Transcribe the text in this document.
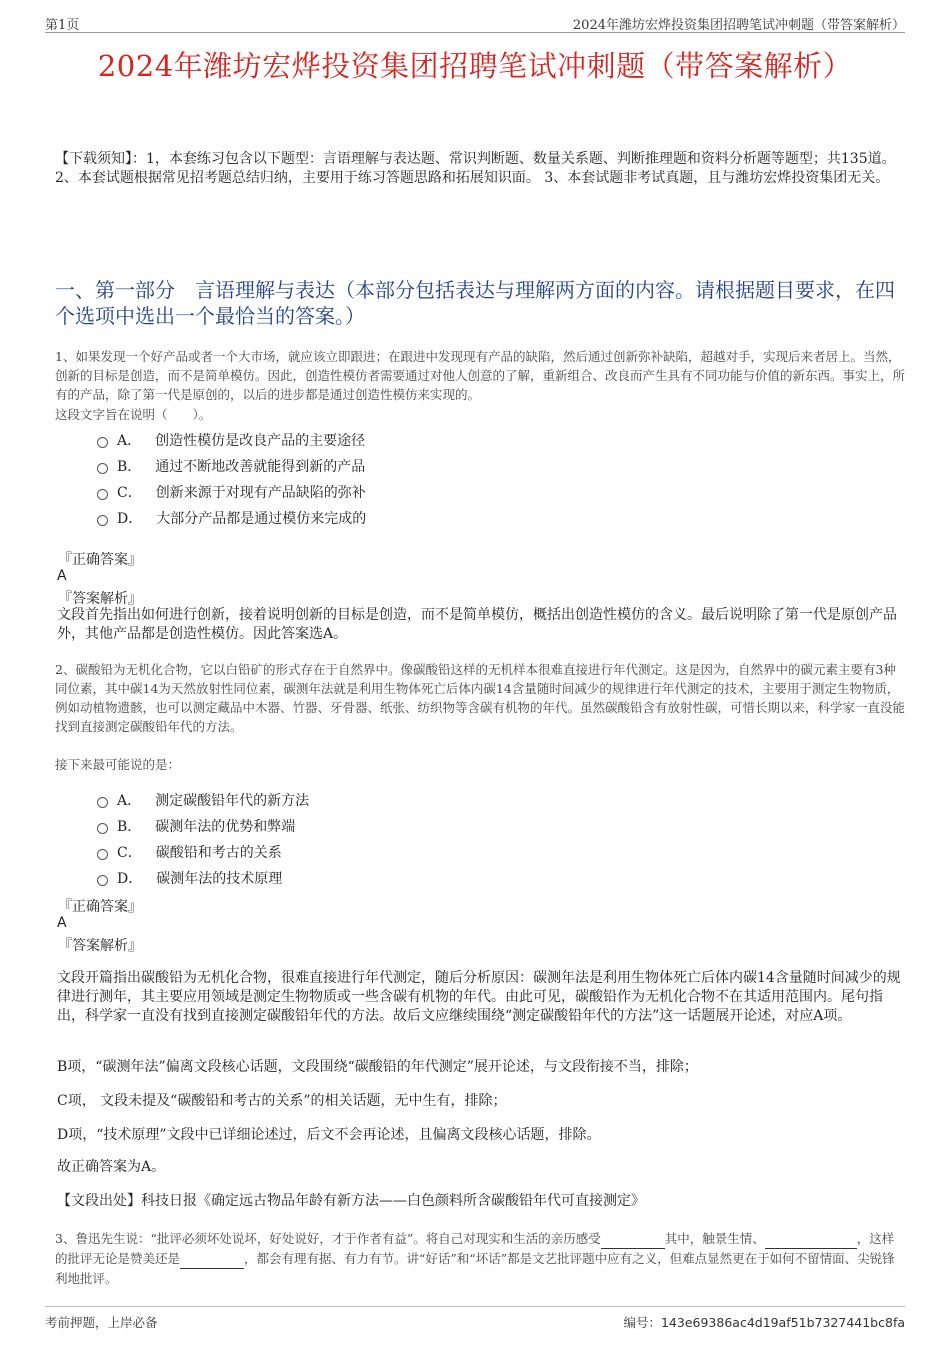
第1页	2024年潍坊宏烨投资集团招聘笔试冲刺题（带答案解析）
2024年潍坊宏烨投资集团招聘笔试冲刺题（带答案解析）
【下载须知】：1，本套练习包含以下题型：言语理解与表达题、常识判断题、数量关系题、判断推理题和资料分析题等题型；共135道。 2、本套试题根据常见招考题总结归纳，主要用于练习答题思路和拓展知识面。 3、本套试题非考试真题，且与潍坊宏烨投资集团无关。
一、第一部分　言语理解与表达（本部分包括表达与理解两方面的内容。请根据题目要求，在四个选项中选出一个最恰当的答案。）
1、如果发现一个好产品或者一个大市场，就应该立即跟进；在跟进中发现现有产品的缺陷，然后通过创新弥补缺陷，超越对手，实现后来者居上。当然，创新的目标是创造，而不是简单模仿。因此，创造性模仿者需要通过对他人创意的了解，重新组合、改良而产生具有不同功能与价值的新东西。事实上，所有的产品，除了第一代是原创的，以后的进步都是通过创造性模仿来实现的。
这段文字旨在说明（　　）。
A． 创造性模仿是改良产品的主要途径
B． 通过不断地改善就能得到新的产品
C． 创新来源于对现有产品缺陷的弥补
D． 大部分产品都是通过模仿来完成的
『正确答案』
A
『答案解析』
文段首先指出如何进行创新，接着说明创新的目标是创造，而不是简单模仿，概括出创造性模仿的含义。最后说明除了第一代是原创产品外，其他产品都是创造性模仿。因此答案选A。
2、碳酸铅为无机化合物，它以白铅矿的形式存在于自然界中。像碳酸铅这样的无机样本很难直接进行年代测定。这是因为，自然界中的碳元素主要有3种同位素，其中碳14为天然放射性同位素，碳测年法就是利用生物体死亡后体内碳14含量随时间减少的规律进行年代测定的技术，主要用于测定生物物质，例如动植物遗骸，也可以测定藏品中木器、竹器、牙骨器、纸张、纺织物等含碳有机物的年代。虽然碳酸铅含有放射性碳，可惜长期以来，科学家一直没能找到直接测定碳酸铅年代的方法。
接下来最可能说的是：
A． 测定碳酸铅年代的新方法
B． 碳测年法的优势和弊端
C． 碳酸铅和考古的关系
D． 碳测年法的技术原理
『正确答案』
A
『答案解析』
文段开篇指出碳酸铅为无机化合物，很难直接进行年代测定，随后分析原因：碳测年法是利用生物体死亡后体内碳14含量随时间减少的规律进行测年，其主要应用领域是测定生物物质或一些含碳有机物的年代。由此可见，碳酸铅作为无机化合物不在其适用范围内。尾句指出，科学家一直没有找到直接测定碳酸铅年代的方法。故后文应继续围绕“测定碳酸铅年代的方法”这一话题展开论述，对应A项。
B项，“碳测年法”偏离文段核心话题，文段围绕“碳酸铅的年代测定”展开论述，与文段衔接不当，排除；
C项， 文段未提及“碳酸铅和考古的关系”的相关话题，无中生有，排除；
D项，“技术原理”文段中已详细论述过，后文不会再论述，且偏离文段核心话题，排除。
故正确答案为A。
【文段出处】科技日报《确定远古物品年龄有新方法——白色颜料所含碳酸铅年代可直接测定》
3、鲁迅先生说：“批评必须坏处说坏，好处说好，才于作者有益”。将自己对现实和生活的亲历感受	其中，触景生情、	，这样的批评无论是赞美还是	，都会有理有据、有力有节。讲“好话”和“坏话”都是文艺批评题中应有之义，但难点显然更在于如何不留情面、尖锐锋利地批评。
考前押题，上岸必备	编号：143e69386ac4d19af51b7327441bc8fa
